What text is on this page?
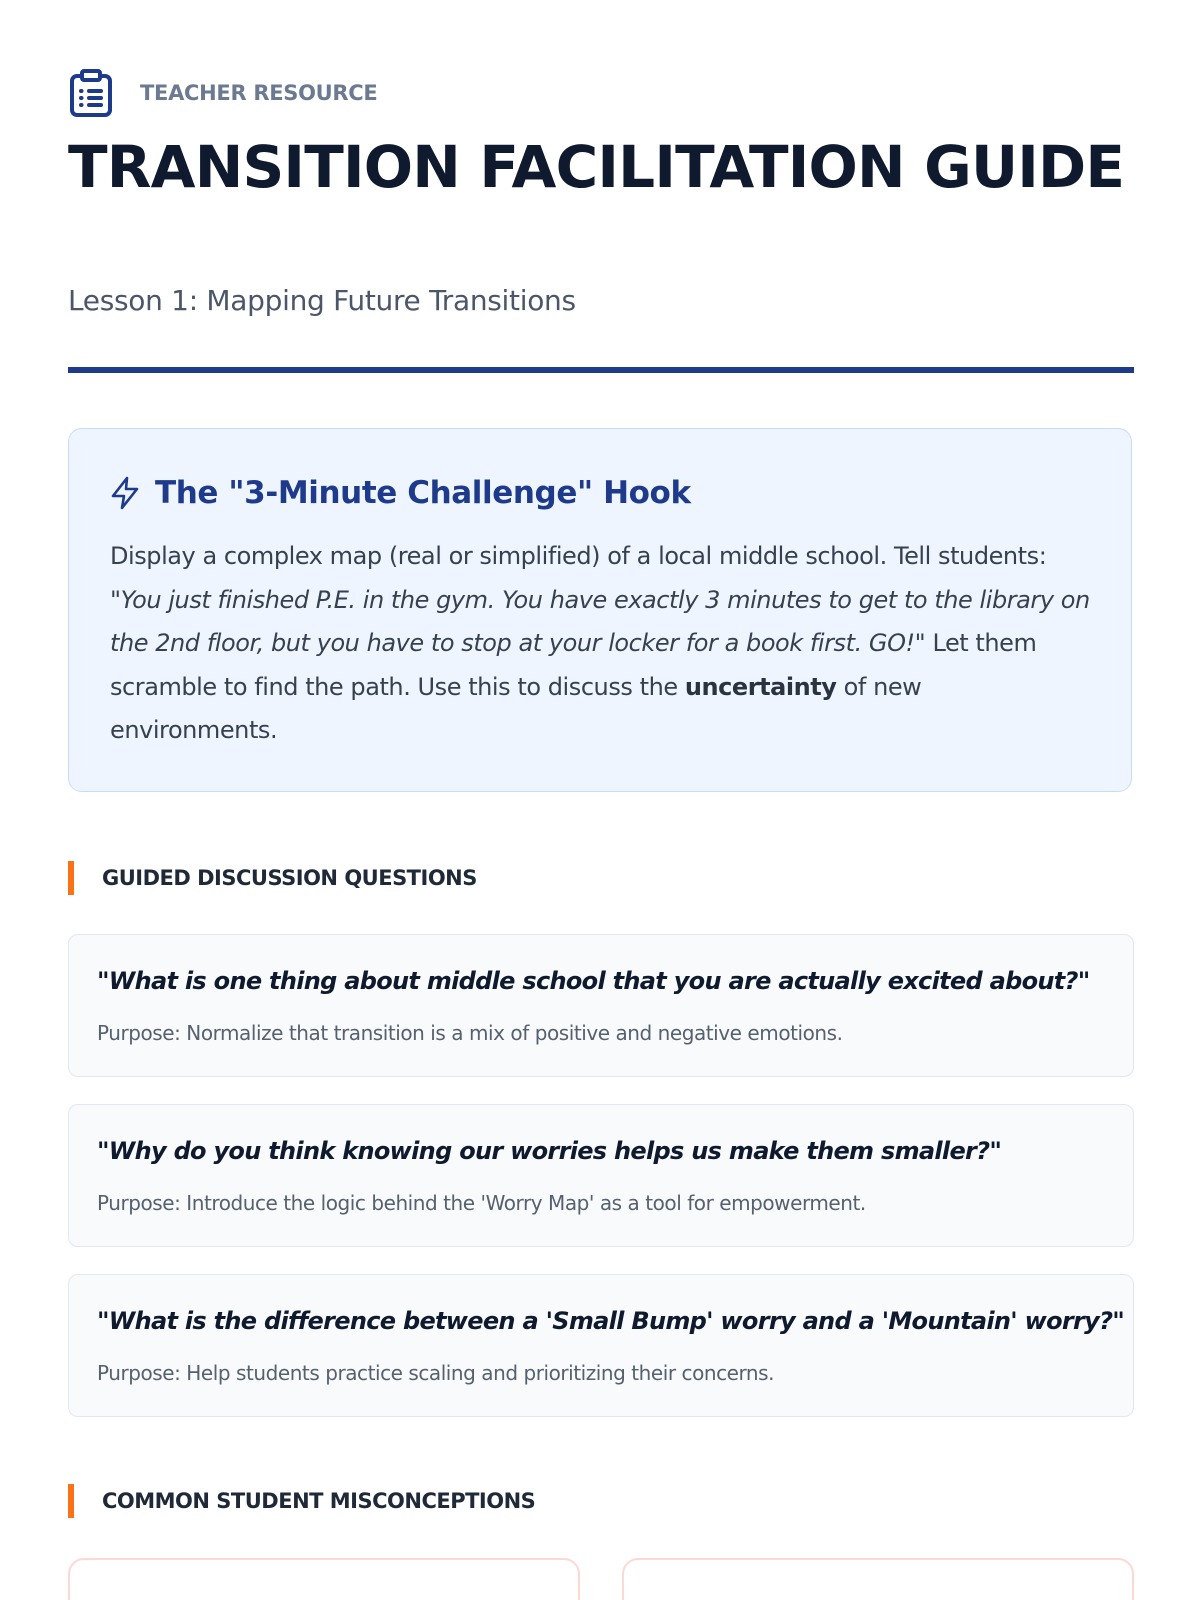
TEACHER RESOURCE
TRANSITION FACILITATION GUIDE
Lesson 1: Mapping Future Transitions
The "3-Minute Challenge" Hook

Display a complex map (real or simplified) of a local middle school. Tell students: "You just finished P.E. in the gym. You have exactly 3 minutes to get to the library on the 2nd floor, but you have to stop at your locker for a book first. GO!" Let them scramble to find the path. Use this to discuss the uncertainty of new environments.

GUIDED DISCUSSION QUESTIONS
"What is one thing about middle school that you are actually excited about?"
Purpose: Normalize that transition is a mix of positive and negative emotions.
"Why do you think knowing our worries helps us make them smaller?"
Purpose: Introduce the logic behind the 'Worry Map' as a tool for empowerment.
"What is the difference between a 'Small Bump' worry and a 'Mountain' worry?"
Purpose: Help students practice scaling and prioritizing their concerns.
COMMON STUDENT MISCONCEPTIONS
